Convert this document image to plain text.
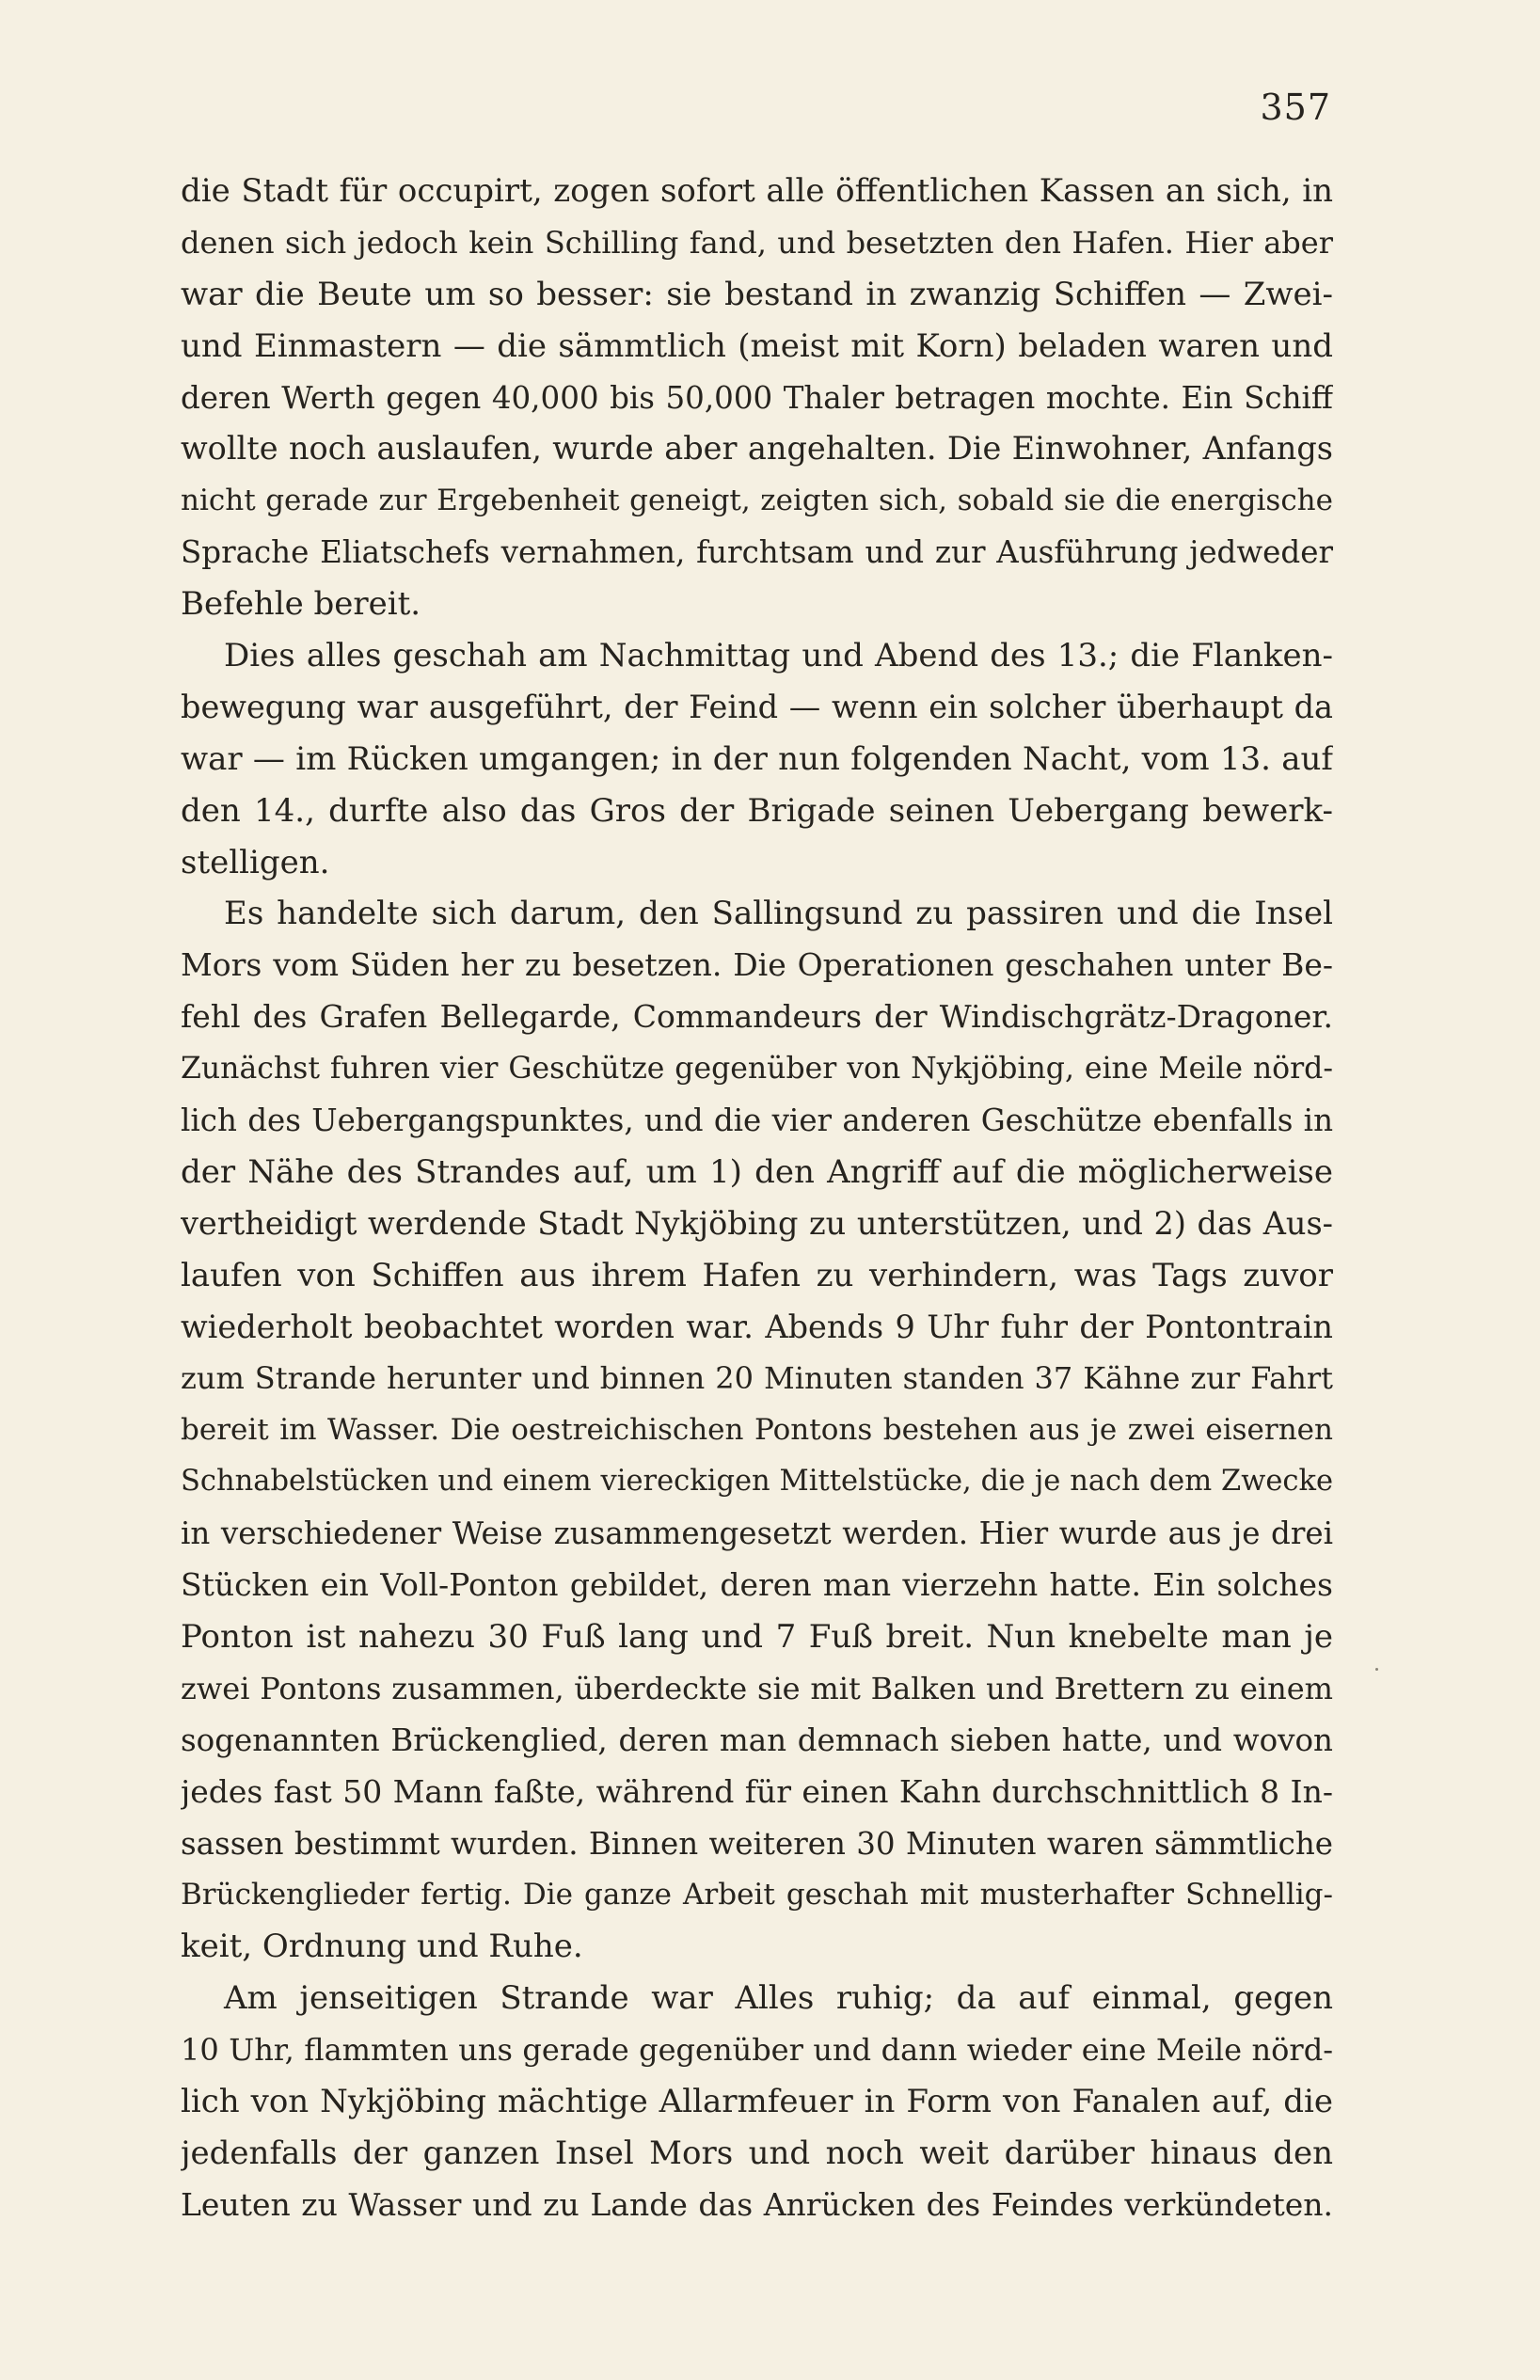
357
die Stadt für occupirt, zogen sofort alle öffentlichen Kassen an sich, in
denen sich jedoch kein Schilling fand, und besetzten den Hafen. Hier aber
war die Beute um so besser: sie bestand in zwanzig Schiffen — Zwei-
und Einmastern — die sämmtlich (meist mit Korn) beladen waren und
deren Werth gegen 40,000 bis 50,000 Thaler betragen mochte. Ein Schiff
wollte noch auslaufen, wurde aber angehalten. Die Einwohner, Anfangs
nicht gerade zur Ergebenheit geneigt, zeigten sich, sobald sie die energische
Sprache Eliatschefs vernahmen, furchtsam und zur Ausführung jedweder
Befehle bereit.
Dies alles geschah am Nachmittag und Abend des 13.; die Flanken-
bewegung war ausgeführt, der Feind — wenn ein solcher überhaupt da
war — im Rücken umgangen; in der nun folgenden Nacht, vom 13. auf
den 14., durfte also das Gros der Brigade seinen Uebergang bewerk-
stelligen.
Es handelte sich darum, den Sallingsund zu passiren und die Insel
Mors vom Süden her zu besetzen. Die Operationen geschahen unter Be-
fehl des Grafen Bellegarde, Commandeurs der Windischgrätz-Dragoner.
Zunächst fuhren vier Geschütze gegenüber von Nykjöbing, eine Meile nörd-
lich des Uebergangspunktes, und die vier anderen Geschütze ebenfalls in
der Nähe des Strandes auf, um 1) den Angriff auf die möglicherweise
vertheidigt werdende Stadt Nykjöbing zu unterstützen, und 2) das Aus-
laufen von Schiffen aus ihrem Hafen zu verhindern, was Tags zuvor
wiederholt beobachtet worden war. Abends 9 Uhr fuhr der Pontontrain
zum Strande herunter und binnen 20 Minuten standen 37 Kähne zur Fahrt
bereit im Wasser. Die oestreichischen Pontons bestehen aus je zwei eisernen
Schnabelstücken und einem viereckigen Mittelstücke, die je nach dem Zwecke
in verschiedener Weise zusammengesetzt werden. Hier wurde aus je drei
Stücken ein Voll-Ponton gebildet, deren man vierzehn hatte. Ein solches
Ponton ist nahezu 30 Fuß lang und 7 Fuß breit. Nun knebelte man je
zwei Pontons zusammen, überdeckte sie mit Balken und Brettern zu einem
sogenannten Brückenglied, deren man demnach sieben hatte, und wovon
jedes fast 50 Mann faßte, während für einen Kahn durchschnittlich 8 In-
sassen bestimmt wurden. Binnen weiteren 30 Minuten waren sämmtliche
Brückenglieder fertig. Die ganze Arbeit geschah mit musterhafter Schnellig-
keit, Ordnung und Ruhe.
Am jenseitigen Strande war Alles ruhig; da auf einmal, gegen
10 Uhr, flammten uns gerade gegenüber und dann wieder eine Meile nörd-
lich von Nykjöbing mächtige Allarmfeuer in Form von Fanalen auf, die
jedenfalls der ganzen Insel Mors und noch weit darüber hinaus den
Leuten zu Wasser und zu Lande das Anrücken des Feindes verkündeten.
